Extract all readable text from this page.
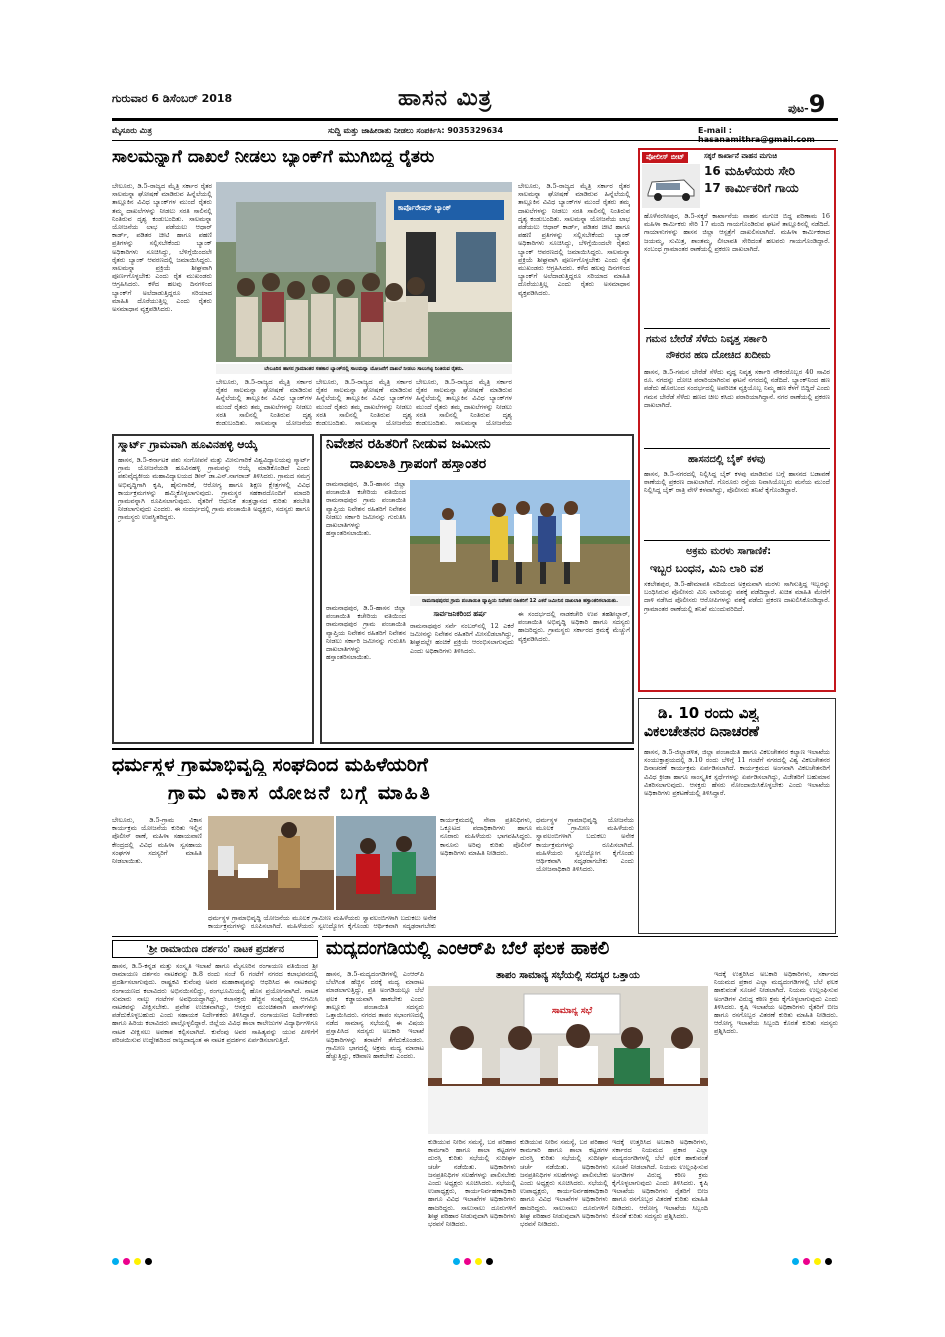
ಗುರುವಾರ 6 ಡಿಸೆಂಬರ್ 2018	ಹಾಸನ ಮಿತ್ರ	ಪುಟ-9
ಮೈಸೂರು ಮಿತ್ರ	ಸುದ್ದಿ ಮತ್ತು ಜಾಹೀರಾತು ನೀಡಲು ಸಂಪರ್ಕಿಸಿ: 9035329634	E-mail :
ಸಾಲಮನ್ನಾಗೆ ದಾಖಲೆ ನೀಡಲು ಬ್ಯಾಂಕ್‌ಗೆ ಮುಗಿಬಿದ್ದ ರೈತರು
ಬೇಲೂರು, ಡಿ.5-ರಾಜ್ಯದ ಮೈತ್ರಿ ಸರ್ಕಾರ ರೈತರ ಸಾಲಮನ್ನಾ ಘೋಷಣೆ ಮಾಡಿರುವ ಹಿನ್ನೆಲೆಯಲ್ಲಿ ತಾಲ್ಲೂಕಿನ ವಿವಿಧ ಬ್ಯಾಂಕ್‌ಗಳ ಮುಂದೆ ರೈತರು ತಮ್ಮ ದಾಖಲೆಗಳನ್ನು ನೀಡಲು ಸರತಿ ಸಾಲಿನಲ್ಲಿ ನಿಂತಿರುವ ದೃಶ್ಯ ಕಂಡುಬಂದಿತು. ಸಾಲಮನ್ನಾ ಯೋಜನೆಯ ಲಾಭ ಪಡೆಯಲು ಆಧಾರ್ ಕಾರ್ಡ್, ಪಡಿತರ ಚೀಟಿ ಹಾಗೂ ಪಹಣಿ ಪ್ರತಿಗಳನ್ನು ಸಲ್ಲಿಸಬೇಕೆಂದು ಬ್ಯಾಂಕ್ ಅಧಿಕಾರಿಗಳು ಸೂಚಿಸಿದ್ದು, ಬೆಳಿಗ್ಗೆಯಿಂದಲೇ ರೈತರು ಬ್ಯಾಂಕ್ ಆವರಣದಲ್ಲಿ ಜಮಾಯಿಸಿದ್ದರು. ಸಾಲಮನ್ನಾ ಪ್ರಕ್ರಿಯೆ ಶೀಘ್ರವಾಗಿ ಪೂರ್ಣಗೊಳ್ಳಬೇಕು ಎಂದು ರೈತ ಮುಖಂಡರು ಆಗ್ರಹಿಸಿದರು. ಕಳೆದ ಹಲವು ದಿನಗಳಿಂದ ಬ್ಯಾಂಕ್‌ಗೆ ಅಲೆದಾಡುತ್ತಿದ್ದರೂ ಸರಿಯಾದ ಮಾಹಿತಿ ದೊರೆಯುತ್ತಿಲ್ಲ ಎಂದು ರೈತರು ಅಸಮಾಧಾನ ವ್ಯಕ್ತಪಡಿಸಿದರು.
ಕಾರ್ಪೊರೇಷನ್ ಬ್ಯಾಂಕ್
ಬೇಲೂರಿನ ಹಾಸನ ಗ್ರಾಮಾಂತರ ಸಹಕಾರ ಬ್ಯಾಂಕ್‌ನಲ್ಲಿ ಸಾಲಮನ್ನಾ ಯೋಜನೆಗೆ ದಾಖಲೆ ನೀಡಲು ಸಾಲುಗಟ್ಟಿ ನಿಂತಿರುವ ರೈತರು.
ಬೇಲೂರು, ಡಿ.5-ರಾಜ್ಯದ ಮೈತ್ರಿ ಸರ್ಕಾರ ರೈತರ ಸಾಲಮನ್ನಾ ಘೋಷಣೆ ಮಾಡಿರುವ ಹಿನ್ನೆಲೆಯಲ್ಲಿ ತಾಲ್ಲೂಕಿನ ವಿವಿಧ ಬ್ಯಾಂಕ್‌ಗಳ ಮುಂದೆ ರೈತರು ತಮ್ಮ ದಾಖಲೆಗಳನ್ನು ನೀಡಲು ಸರತಿ ಸಾಲಿನಲ್ಲಿ ನಿಂತಿರುವ ದೃಶ್ಯ ಕಂಡುಬಂದಿತು. ಸಾಲಮನ್ನಾ ಯೋಜನೆಯ
ಬೇಲೂರು, ಡಿ.5-ರಾಜ್ಯದ ಮೈತ್ರಿ ಸರ್ಕಾರ ರೈತರ ಸಾಲಮನ್ನಾ ಘೋಷಣೆ ಮಾಡಿರುವ ಹಿನ್ನೆಲೆಯಲ್ಲಿ ತಾಲ್ಲೂಕಿನ ವಿವಿಧ ಬ್ಯಾಂಕ್‌ಗಳ ಮುಂದೆ ರೈತರು ತಮ್ಮ ದಾಖಲೆಗಳನ್ನು ನೀಡಲು ಸರತಿ ಸಾಲಿನಲ್ಲಿ ನಿಂತಿರುವ ದೃಶ್ಯ ಕಂಡುಬಂದಿತು. ಸಾಲಮನ್ನಾ ಯೋಜನೆಯ
ಬೇಲೂರು, ಡಿ.5-ರಾಜ್ಯದ ಮೈತ್ರಿ ಸರ್ಕಾರ ರೈತರ ಸಾಲಮನ್ನಾ ಘೋಷಣೆ ಮಾಡಿರುವ ಹಿನ್ನೆಲೆಯಲ್ಲಿ ತಾಲ್ಲೂಕಿನ ವಿವಿಧ ಬ್ಯಾಂಕ್‌ಗಳ ಮುಂದೆ ರೈತರು ತಮ್ಮ ದಾಖಲೆಗಳನ್ನು ನೀಡಲು ಸರತಿ ಸಾಲಿನಲ್ಲಿ ನಿಂತಿರುವ ದೃಶ್ಯ ಕಂಡುಬಂದಿತು. ಸಾಲಮನ್ನಾ ಯೋಜನೆಯ
ಬೇಲೂರು, ಡಿ.5-ರಾಜ್ಯದ ಮೈತ್ರಿ ಸರ್ಕಾರ ರೈತರ ಸಾಲಮನ್ನಾ ಘೋಷಣೆ ಮಾಡಿರುವ ಹಿನ್ನೆಲೆಯಲ್ಲಿ ತಾಲ್ಲೂಕಿನ ವಿವಿಧ ಬ್ಯಾಂಕ್‌ಗಳ ಮುಂದೆ ರೈತರು ತಮ್ಮ ದಾಖಲೆಗಳನ್ನು ನೀಡಲು ಸರತಿ ಸಾಲಿನಲ್ಲಿ ನಿಂತಿರುವ ದೃಶ್ಯ ಕಂಡುಬಂದಿತು. ಸಾಲಮನ್ನಾ ಯೋಜನೆಯ ಲಾಭ ಪಡೆಯಲು ಆಧಾರ್ ಕಾರ್ಡ್, ಪಡಿತರ ಚೀಟಿ ಹಾಗೂ ಪಹಣಿ ಪ್ರತಿಗಳನ್ನು ಸಲ್ಲಿಸಬೇಕೆಂದು ಬ್ಯಾಂಕ್ ಅಧಿಕಾರಿಗಳು ಸೂಚಿಸಿದ್ದು, ಬೆಳಿಗ್ಗೆಯಿಂದಲೇ ರೈತರು ಬ್ಯಾಂಕ್ ಆವರಣದಲ್ಲಿ ಜಮಾಯಿಸಿದ್ದರು. ಸಾಲಮನ್ನಾ ಪ್ರಕ್ರಿಯೆ ಶೀಘ್ರವಾಗಿ ಪೂರ್ಣಗೊಳ್ಳಬೇಕು ಎಂದು ರೈತ ಮುಖಂಡರು ಆಗ್ರಹಿಸಿದರು. ಕಳೆದ ಹಲವು ದಿನಗಳಿಂದ ಬ್ಯಾಂಕ್‌ಗೆ ಅಲೆದಾಡುತ್ತಿದ್ದರೂ ಸರಿಯಾದ ಮಾಹಿತಿ ದೊರೆಯುತ್ತಿಲ್ಲ ಎಂದು ರೈತರು ಅಸಮಾಧಾನ ವ್ಯಕ್ತಪಡಿಸಿದರು.
ಪೋಲೀಸ್ ಬೀಟ್	ಸಕ್ಕರೆ ಕಾರ್ಖಾನೆ ವಾಹನ ಮಗುಚಿ
16 ಮಹಿಳೆಯರು ಸೇರಿ
17 ಕಾರ್ಮಿಕರಿಗೆ ಗಾಯ
ಹೊಳೆನರಸೀಪುರ, ಡಿ.5-ಸಕ್ಕರೆ ಕಾರ್ಖಾನೆಯ ವಾಹನ ಮಗುಚಿ ಬಿದ್ದ ಪರಿಣಾಮ 16 ಮಹಿಳಾ ಕಾರ್ಮಿಕರು ಸೇರಿ 17 ಮಂದಿ ಗಾಯಗೊಂಡಿರುವ ಘಟನೆ ತಾಲ್ಲೂಕಿನಲ್ಲಿ ನಡೆದಿದೆ. ಗಾಯಾಳುಗಳನ್ನು ಹಾಸನ ಜಿಲ್ಲಾ ಆಸ್ಪತ್ರೆಗೆ ದಾಖಲಿಸಲಾಗಿದೆ. ಮಹಿಳಾ ಕಾರ್ಮಿಕರಾದ ಜಯಮ್ಮ, ಸುಮಿತ್ರ, ಶಾಂತಮ್ಮ, ಲೀಲಾವತಿ ಸೇರಿದಂತೆ ಹಲವರು ಗಾಯಗೊಂಡಿದ್ದಾರೆ. ಸಂಬಂಧ ಗ್ರಾಮಾಂತರ ಠಾಣೆಯಲ್ಲಿ ಪ್ರಕರಣ ದಾಖಲಾಗಿದೆ.
ಗಮನ ಬೇರೆಡೆ ಸೆಳೆದು ನಿವೃತ್ತ ಸರ್ಕಾರಿ
ನೌಕರನ ಹಣ ದೋಚಿದ ಖದೀಮ
ಹಾಸನ, ಡಿ.5-ಗಮನ ಬೇರೆಡೆ ಸೆಳೆದು ವೃದ್ಧ ನಿವೃತ್ತ ಸರ್ಕಾರಿ ನೌಕರರೊಬ್ಬರ 40 ಸಾವಿರ ರೂ. ನಗದನ್ನು ದೋಚಿ ಪರಾರಿಯಾಗಿರುವ ಘಟನೆ ನಗರದಲ್ಲಿ ನಡೆದಿದೆ. ಬ್ಯಾಂಕ್‌ನಿಂದ ಹಣ ಪಡೆದು ಹೊರಬಂದ ಸಂದರ್ಭದಲ್ಲಿ ಅಪರಿಚಿತ ವ್ಯಕ್ತಿಯೊಬ್ಬ ನಿಮ್ಮ ಹಣ ಕೆಳಗೆ ಬಿದ್ದಿದೆ ಎಂದು ಗಮನ ಬೇರೆಡೆ ಸೆಳೆದು ಹಣದ ಚೀಲ ಕಸಿದು ಪರಾರಿಯಾಗಿದ್ದಾನೆ. ನಗರ ಠಾಣೆಯಲ್ಲಿ ಪ್ರಕರಣ ದಾಖಲಾಗಿದೆ.
ಹಾಸನದಲ್ಲಿ ಬೈಕ್ ಕಳವು
ಹಾಸನ, ಡಿ.5-ನಗರದಲ್ಲಿ ನಿಲ್ಲಿಸಿದ್ದ ಬೈಕ್ ಕಳವು ಮಾಡಿರುವ ಬಗ್ಗೆ ಹಾಸನದ ಬಡಾವಣೆ ಠಾಣೆಯಲ್ಲಿ ಪ್ರಕರಣ ದಾಖಲಾಗಿದೆ. ಗೊರೂರು ರಸ್ತೆಯ ನಿವಾಸಿಯೊಬ್ಬರು ಮನೆಯ ಮುಂದೆ ನಿಲ್ಲಿಸಿದ್ದ ಬೈಕ್ ರಾತ್ರಿ ವೇಳೆ ಕಳವಾಗಿದ್ದು, ಪೊಲೀಸರು ತನಿಖೆ ಕೈಗೊಂಡಿದ್ದಾರೆ.
ಅಕ್ರಮ ಮರಳು ಸಾಗಾಣಿಕೆ:
ಇಬ್ಬರ ಬಂಧನ, ಮಿನಿ ಲಾರಿ ವಶ
ಸಕಲೇಶಪುರ, ಡಿ.5-ಹೇಮಾವತಿ ನದಿಯಿಂದ ಅಕ್ರಮವಾಗಿ ಮರಳು ಸಾಗಿಸುತ್ತಿದ್ದ ಇಬ್ಬರನ್ನು ಬಂಧಿಸಿರುವ ಪೊಲೀಸರು ಮಿನಿ ಲಾರಿಯನ್ನು ವಶಕ್ಕೆ ಪಡೆದಿದ್ದಾರೆ. ಖಚಿತ ಮಾಹಿತಿ ಮೇರೆಗೆ ದಾಳಿ ನಡೆಸಿದ ಪೊಲೀಸರು ಆರೋಪಿಗಳನ್ನು ವಶಕ್ಕೆ ಪಡೆದು ಪ್ರಕರಣ ದಾಖಲಿಸಿಕೊಂಡಿದ್ದಾರೆ. ಗ್ರಾಮಾಂತರ ಠಾಣೆಯಲ್ಲಿ ತನಿಖೆ ಮುಂದುವರಿದಿದೆ.
ಸ್ಮಾರ್ಟ್ ಗ್ರಾಮವಾಗಿ ಹೂವಿನಹಳ್ಳಿ ಆಯ್ಕೆ
ಹಾಸನ, ಡಿ.5-ಕರ್ನಾಟಕ ಪಶು ಸಂಗೋಪನೆ ಮತ್ತು ಮೀನುಗಾರಿಕೆ ವಿಶ್ವವಿದ್ಯಾಲಯವು ಸ್ಮಾರ್ಟ್ ಗ್ರಾಮ ಯೋಜನೆಯಡಿ ಹೂವಿನಹಳ್ಳಿ ಗ್ರಾಮವನ್ನು ಆಯ್ಕೆ ಮಾಡಿಕೊಂಡಿದೆ ಎಂದು ಪಶುವೈದ್ಯಕೀಯ ಮಹಾವಿದ್ಯಾಲಯದ ಡೀನ್ ಡಾ.ಎನ್.ನಾಗರಾಜ್ ತಿಳಿಸಿದರು. ಗ್ರಾಮದ ಸಮಗ್ರ ಅಭಿವೃದ್ಧಿಗಾಗಿ ಕೃಷಿ, ಹೈನುಗಾರಿಕೆ, ಆರೋಗ್ಯ ಹಾಗೂ ಶಿಕ್ಷಣ ಕ್ಷೇತ್ರಗಳಲ್ಲಿ ವಿವಿಧ ಕಾರ್ಯಕ್ರಮಗಳನ್ನು ಹಮ್ಮಿಕೊಳ್ಳಲಾಗುವುದು. ಗ್ರಾಮಸ್ಥರ ಸಹಕಾರದೊಂದಿಗೆ ಮಾದರಿ ಗ್ರಾಮವನ್ನಾಗಿ ರೂಪಿಸಲಾಗುವುದು. ರೈತರಿಗೆ ಆಧುನಿಕ ತಂತ್ರಜ್ಞಾನದ ಕುರಿತು ತರಬೇತಿ ನೀಡಲಾಗುವುದು ಎಂದರು. ಈ ಸಂದರ್ಭದಲ್ಲಿ ಗ್ರಾಮ ಪಂಚಾಯಿತಿ ಅಧ್ಯಕ್ಷರು, ಸದಸ್ಯರು ಹಾಗೂ ಗ್ರಾಮಸ್ಥರು ಉಪಸ್ಥಿತರಿದ್ದರು.
ನಿವೇಶನ ರಹಿತರಿಗೆ ನೀಡುವ ಜಮೀನು
ದಾಖಲಾತಿ ಗ್ರಾಪಂಗೆ ಹಸ್ತಾಂತರ
ರಾಮನಾಥಪುರ, ಡಿ.5-ಹಾಸನ ಜಿಲ್ಲಾ ಪಂಚಾಯಿತಿ ಕಚೇರಿಯ ವತಿಯಿಂದ ರಾಮನಾಥಪುರ ಗ್ರಾಮ ಪಂಚಾಯಿತಿ ವ್ಯಾಪ್ತಿಯ ನಿವೇಶನ ರಹಿತರಿಗೆ ನಿವೇಶನ ನೀಡಲು ಸರ್ಕಾರಿ ಜಮೀನನ್ನು ಗುರುತಿಸಿ ದಾಖಲಾತಿಗಳನ್ನು ಹಸ್ತಾಂತರಿಸಲಾಯಿತು.
ರಾಮನಾಥಪುರದ ಗ್ರಾಮ ಪಂಚಾಯಿತಿ ವ್ಯಾಪ್ತಿಯ ನಿವೇಶನ ರಹಿತರಿಗೆ 12 ಎಕರೆ ಜಮೀನಿನ ದಾಖಲಾತಿ ಹಸ್ತಾಂತರಿಸಲಾಯಿತು.
ರಾಮನಾಥಪುರ, ಡಿ.5-ಹಾಸನ ಜಿಲ್ಲಾ ಪಂಚಾಯಿತಿ ಕಚೇರಿಯ ವತಿಯಿಂದ ರಾಮನಾಥಪುರ ಗ್ರಾಮ ಪಂಚಾಯಿತಿ ವ್ಯಾಪ್ತಿಯ ನಿವೇಶನ ರಹಿತರಿಗೆ ನಿವೇಶನ ನೀಡಲು ಸರ್ಕಾರಿ ಜಮೀನನ್ನು ಗುರುತಿಸಿ ದಾಖಲಾತಿಗಳನ್ನು ಹಸ್ತಾಂತರಿಸಲಾಯಿತು.
ಸಾರ್ವಜನಿಕರಿಂದ ಹರ್ಷ
ರಾಮನಾಥಪುರ ಸರ್ವೆ ನಂಬರ್‌ನಲ್ಲಿ 12 ಎಕರೆ ಜಮೀನನ್ನು ನಿವೇಶನ ರಹಿತರಿಗೆ ಮೀಸಲಿಡಲಾಗಿದ್ದು, ಶೀಘ್ರದಲ್ಲೇ ಹಂಚಿಕೆ ಪ್ರಕ್ರಿಯೆ ಆರಂಭಿಸಲಾಗುವುದು ಎಂದು ಅಧಿಕಾರಿಗಳು ತಿಳಿಸಿದರು.
ಈ ಸಂದರ್ಭದಲ್ಲಿ ನಾಡಕಚೇರಿ ಉಪ ತಹಶೀಲ್ದಾರ್, ಪಂಚಾಯಿತಿ ಅಭಿವೃದ್ಧಿ ಅಧಿಕಾರಿ ಹಾಗೂ ಸದಸ್ಯರು ಹಾಜರಿದ್ದರು. ಗ್ರಾಮಸ್ಥರು ಸರ್ಕಾರದ ಕ್ರಮಕ್ಕೆ ಮೆಚ್ಚುಗೆ ವ್ಯಕ್ತಪಡಿಸಿದರು.
ಧರ್ಮಸ್ಥಳ ಗ್ರಾಮಾಭಿವೃದ್ಧಿ ಸಂಘದಿಂದ ಮಹಿಳೆಯರಿಗೆ
ಗ್ರಾಮ ವಿಕಾಸ ಯೋಜನೆ ಬಗ್ಗೆ ಮಾಹಿತಿ
ಬೇಲೂರು, ಡಿ.5-ಗ್ರಾಮ ವಿಕಾಸ ಕಾರ್ಯಕ್ರಮ ಯೋಜನೆಯ ಕುರಿತು ಇಲ್ಲಿನ ಪೊಲೀಸ್ ಠಾಣೆ, ಮಹಿಳಾ ಸಹಾಯವಾಣಿ ಕೇಂದ್ರದಲ್ಲಿ ವಿವಿಧ ಮಹಿಳಾ ಸ್ವಸಹಾಯ ಸಂಘಗಳ ಸದಸ್ಯರಿಗೆ ಮಾಹಿತಿ ನೀಡಲಾಯಿತು.
ಧರ್ಮಸ್ಥಳ ಗ್ರಾಮಾಭಿವೃದ್ಧಿ ಯೋಜನೆಯ ಮೂಲಕ ಗ್ರಾಮೀಣ ಮಹಿಳೆಯರು ಸ್ವಾವಲಂಬಿಗಳಾಗಿ ಬದುಕಲು ಅನೇಕ ಕಾರ್ಯಕ್ರಮಗಳನ್ನು ರೂಪಿಸಲಾಗಿದೆ. ಮಹಿಳೆಯರು ಸ್ವಉದ್ಯೋಗ ಕೈಗೊಂಡು ಆರ್ಥಿಕವಾಗಿ ಸದೃಢರಾಗಬೇಕು
ಕಾರ್ಯಕ್ರಮದಲ್ಲಿ ಸೇವಾ ಪ್ರತಿನಿಧಿಗಳು, ಒಕ್ಕೂಟದ ಪದಾಧಿಕಾರಿಗಳು ಹಾಗೂ ನೂರಾರು ಮಹಿಳೆಯರು ಭಾಗವಹಿಸಿದ್ದರು. ಕಾನೂನು ಅರಿವು ಕುರಿತು ಪೊಲೀಸ್ ಅಧಿಕಾರಿಗಳು ಮಾಹಿತಿ ನೀಡಿದರು.
ಧರ್ಮಸ್ಥಳ ಗ್ರಾಮಾಭಿವೃದ್ಧಿ ಯೋಜನೆಯ ಮೂಲಕ ಗ್ರಾಮೀಣ ಮಹಿಳೆಯರು ಸ್ವಾವಲಂಬಿಗಳಾಗಿ ಬದುಕಲು ಅನೇಕ ಕಾರ್ಯಕ್ರಮಗಳನ್ನು ರೂಪಿಸಲಾಗಿದೆ. ಮಹಿಳೆಯರು ಸ್ವಉದ್ಯೋಗ ಕೈಗೊಂಡು ಆರ್ಥಿಕವಾಗಿ ಸದೃಢರಾಗಬೇಕು ಎಂದು ಯೋಜನಾಧಿಕಾರಿ ತಿಳಿಸಿದರು.
ಡಿ. 10 ರಂದು ವಿಶ್ವ
ವಿಕಲಚೇತನರ ದಿನಾಚರಣೆ
ಹಾಸನ, ಡಿ.5-ಜಿಲ್ಲಾಡಳಿತ, ಜಿಲ್ಲಾ ಪಂಚಾಯಿತಿ ಹಾಗೂ ವಿಕಲಚೇತನರ ಕಲ್ಯಾಣ ಇಲಾಖೆಯ ಸಂಯುಕ್ತಾಶ್ರಯದಲ್ಲಿ ಡಿ.10 ರಂದು ಬೆಳಿಗ್ಗೆ 11 ಗಂಟೆಗೆ ನಗರದಲ್ಲಿ ವಿಶ್ವ ವಿಕಲಚೇತನರ ದಿನಾಚರಣೆ ಕಾರ್ಯಕ್ರಮ ಏರ್ಪಡಿಸಲಾಗಿದೆ. ಕಾರ್ಯಕ್ರಮದ ಅಂಗವಾಗಿ ವಿಕಲಚೇತನರಿಗೆ ವಿವಿಧ ಕ್ರೀಡಾ ಹಾಗೂ ಸಾಂಸ್ಕೃತಿಕ ಸ್ಪರ್ಧೆಗಳನ್ನು ಏರ್ಪಡಿಸಲಾಗಿದ್ದು, ವಿಜೇತರಿಗೆ ಬಹುಮಾನ ವಿತರಿಸಲಾಗುವುದು. ಆಸಕ್ತರು ಹೆಸರು ನೋಂದಾಯಿಸಿಕೊಳ್ಳಬೇಕು ಎಂದು ಇಲಾಖೆಯ ಅಧಿಕಾರಿಗಳು ಪ್ರಕಟಣೆಯಲ್ಲಿ ತಿಳಿಸಿದ್ದಾರೆ.
'ಶ್ರೀ ರಾಮಾಯಣ ದರ್ಶನಂ' ನಾಟಕ ಪ್ರದರ್ಶನ
ಹಾಸನ, ಡಿ.5-ಕನ್ನಡ ಮತ್ತು ಸಂಸ್ಕೃತಿ ಇಲಾಖೆ ಹಾಗೂ ಮೈಸೂರಿನ ರಂಗಾಯಣ ವತಿಯಿಂದ ಶ್ರೀ ರಾಮಾಯಣ ದರ್ಶನಂ ನಾಟಕವನ್ನು ಡಿ.8 ರಂದು ಸಂಜೆ 6 ಗಂಟೆಗೆ ನಗರದ ಕಲಾಭವನದಲ್ಲಿ ಪ್ರದರ್ಶಿಸಲಾಗುವುದು. ರಾಷ್ಟ್ರಕವಿ ಕುವೆಂಪು ಅವರ ಮಹಾಕಾವ್ಯವನ್ನು ಆಧರಿಸಿದ ಈ ನಾಟಕವನ್ನು ರಂಗಾಯಣದ ಕಲಾವಿದರು ಅಭಿನಯಿಸಲಿದ್ದು, ರಂಗಭೂಮಿಯಲ್ಲಿ ಹೊಸ ಪ್ರಯೋಗವಾಗಿದೆ. ನಾಟಕ ಸುಮಾರು ನಾಲ್ಕು ಗಂಟೆಗಳ ಅವಧಿಯದ್ದಾಗಿದ್ದು, ಕಲಾಸಕ್ತರು ಹೆಚ್ಚಿನ ಸಂಖ್ಯೆಯಲ್ಲಿ ಆಗಮಿಸಿ ನಾಟಕವನ್ನು ವೀಕ್ಷಿಸಬೇಕು. ಪ್ರವೇಶ ಉಚಿತವಾಗಿದ್ದು, ಆಸಕ್ತರು ಮುಂಚಿತವಾಗಿ ಪಾಸ್‌ಗಳನ್ನು ಪಡೆದುಕೊಳ್ಳಬಹುದು ಎಂದು ಸಹಾಯಕ ನಿರ್ದೇಶಕರು ತಿಳಿಸಿದ್ದಾರೆ. ರಂಗಾಯಣದ ನಿರ್ದೇಶಕರು ಹಾಗೂ ಹಿರಿಯ ಕಲಾವಿದರು ಪಾಲ್ಗೊಳ್ಳಲಿದ್ದಾರೆ. ಜಿಲ್ಲೆಯ ವಿವಿಧ ಶಾಲಾ ಕಾಲೇಜುಗಳ ವಿದ್ಯಾರ್ಥಿಗಳಿಗೂ ನಾಟಕ ವೀಕ್ಷಿಸಲು ಅವಕಾಶ ಕಲ್ಪಿಸಲಾಗಿದೆ. ಕುವೆಂಪು ಅವರ ಸಾಹಿತ್ಯವನ್ನು ಯುವ ಪೀಳಿಗೆಗೆ ಪರಿಚಯಿಸುವ ಉದ್ದೇಶದಿಂದ ರಾಜ್ಯದಾದ್ಯಂತ ಈ ನಾಟಕ ಪ್ರದರ್ಶನ ಏರ್ಪಡಿಸಲಾಗುತ್ತಿದೆ.
ಮದ್ಯದಂಗಡಿಯಲ್ಲಿ ಎಂಆರ್‌ಪಿ ಬೆಲೆ ಫಲಕ ಹಾಕಲಿ
ತಾಪಂ ಸಾಮಾನ್ಯ ಸಭೆಯಲ್ಲಿ ಸದಸ್ಯರ ಒತ್ತಾಯ
ಸಾಮಾನ್ಯ ಸಭೆ
ಹಾಸನ, ಡಿ.5-ಮದ್ಯದಂಗಡಿಗಳಲ್ಲಿ ಎಂಆರ್‌ಪಿ ಬೆಲೆಗಿಂತ ಹೆಚ್ಚಿನ ದರಕ್ಕೆ ಮದ್ಯ ಮಾರಾಟ ಮಾಡಲಾಗುತ್ತಿದ್ದು, ಪ್ರತಿ ಅಂಗಡಿಯಲ್ಲೂ ಬೆಲೆ ಫಲಕ ಕಡ್ಡಾಯವಾಗಿ ಹಾಕಬೇಕು ಎಂದು ತಾಲ್ಲೂಕು ಪಂಚಾಯಿತಿ ಸದಸ್ಯರು ಒತ್ತಾಯಿಸಿದರು. ನಗರದ ತಾಪಂ ಸಭಾಂಗಣದಲ್ಲಿ ನಡೆದ ಸಾಮಾನ್ಯ ಸಭೆಯಲ್ಲಿ ಈ ವಿಷಯ ಪ್ರಸ್ತಾಪಿಸಿದ ಸದಸ್ಯರು ಅಬಕಾರಿ ಇಲಾಖೆ ಅಧಿಕಾರಿಗಳನ್ನು ತರಾಟೆಗೆ ತೆಗೆದುಕೊಂಡರು. ಗ್ರಾಮೀಣ ಭಾಗದಲ್ಲಿ ಅಕ್ರಮ ಮದ್ಯ ಮಾರಾಟ ಹೆಚ್ಚುತ್ತಿದ್ದು, ಕಡಿವಾಣ ಹಾಕಬೇಕು ಎಂದರು.
ಕುಡಿಯುವ ನೀರಿನ ಸಮಸ್ಯೆ, ಬರ ಪರಿಹಾರ ಕಾಮಗಾರಿ ಹಾಗೂ ಶಾಲಾ ಕಟ್ಟಡಗಳ ದುರಸ್ತಿ ಕುರಿತು ಸಭೆಯಲ್ಲಿ ಸುದೀರ್ಘ ಚರ್ಚೆ ನಡೆಯಿತು. ಅಧಿಕಾರಿಗಳು ಜನಪ್ರತಿನಿಧಿಗಳ ಸಲಹೆಗಳನ್ನು ಪಾಲಿಸಬೇಕು ಎಂದು ಅಧ್ಯಕ್ಷರು ಸೂಚಿಸಿದರು. ಸಭೆಯಲ್ಲಿ ಉಪಾಧ್ಯಕ್ಷರು, ಕಾರ್ಯನಿರ್ವಹಣಾಧಿಕಾರಿ ಹಾಗೂ ವಿವಿಧ ಇಲಾಖೆಗಳ ಅಧಿಕಾರಿಗಳು ಹಾಜರಿದ್ದರು. ಸಾಲುಸಾಲು ದೂರುಗಳಿಗೆ ಶೀಘ್ರ ಪರಿಹಾರ ನೀಡುವುದಾಗಿ ಅಧಿಕಾರಿಗಳು ಭರವಸೆ ನೀಡಿದರು.
ಕುಡಿಯುವ ನೀರಿನ ಸಮಸ್ಯೆ, ಬರ ಪರಿಹಾರ ಕಾಮಗಾರಿ ಹಾಗೂ ಶಾಲಾ ಕಟ್ಟಡಗಳ ದುರಸ್ತಿ ಕುರಿತು ಸಭೆಯಲ್ಲಿ ಸುದೀರ್ಘ ಚರ್ಚೆ ನಡೆಯಿತು. ಅಧಿಕಾರಿಗಳು ಜನಪ್ರತಿನಿಧಿಗಳ ಸಲಹೆಗಳನ್ನು ಪಾಲಿಸಬೇಕು ಎಂದು ಅಧ್ಯಕ್ಷರು ಸೂಚಿಸಿದರು. ಸಭೆಯಲ್ಲಿ ಉಪಾಧ್ಯಕ್ಷರು, ಕಾರ್ಯನಿರ್ವಹಣಾಧಿಕಾರಿ ಹಾಗೂ ವಿವಿಧ ಇಲಾಖೆಗಳ ಅಧಿಕಾರಿಗಳು ಹಾಜರಿದ್ದರು. ಸಾಲುಸಾಲು ದೂರುಗಳಿಗೆ ಶೀಘ್ರ ಪರಿಹಾರ ನೀಡುವುದಾಗಿ ಅಧಿಕಾರಿಗಳು ಭರವಸೆ ನೀಡಿದರು.
ಇದಕ್ಕೆ ಉತ್ತರಿಸಿದ ಅಬಕಾರಿ ಅಧಿಕಾರಿಗಳು, ಸರ್ಕಾರದ ನಿಯಮದ ಪ್ರಕಾರ ಎಲ್ಲಾ ಮದ್ಯದಂಗಡಿಗಳಲ್ಲಿ ಬೆಲೆ ಫಲಕ ಹಾಕುವಂತೆ ಸೂಚನೆ ನೀಡಲಾಗಿದೆ. ನಿಯಮ ಉಲ್ಲಂಘಿಸುವ ಅಂಗಡಿಗಳ ವಿರುದ್ಧ ಕಠಿಣ ಕ್ರಮ ಕೈಗೊಳ್ಳಲಾಗುವುದು ಎಂದು ತಿಳಿಸಿದರು. ಕೃಷಿ ಇಲಾಖೆಯ ಅಧಿಕಾರಿಗಳು ರೈತರಿಗೆ ಬೀಜ ಹಾಗೂ ರಸಗೊಬ್ಬರ ವಿತರಣೆ ಕುರಿತು ಮಾಹಿತಿ ನೀಡಿದರು. ಆರೋಗ್ಯ ಇಲಾಖೆಯ ಸಿಬ್ಬಂದಿ ಕೊರತೆ ಕುರಿತು ಸದಸ್ಯರು ಪ್ರಶ್ನಿಸಿದರು.
ಇದಕ್ಕೆ ಉತ್ತರಿಸಿದ ಅಬಕಾರಿ ಅಧಿಕಾರಿಗಳು, ಸರ್ಕಾರದ ನಿಯಮದ ಪ್ರಕಾರ ಎಲ್ಲಾ ಮದ್ಯದಂಗಡಿಗಳಲ್ಲಿ ಬೆಲೆ ಫಲಕ ಹಾಕುವಂತೆ ಸೂಚನೆ ನೀಡಲಾಗಿದೆ. ನಿಯಮ ಉಲ್ಲಂಘಿಸುವ ಅಂಗಡಿಗಳ ವಿರುದ್ಧ ಕಠಿಣ ಕ್ರಮ ಕೈಗೊಳ್ಳಲಾಗುವುದು ಎಂದು ತಿಳಿಸಿದರು. ಕೃಷಿ ಇಲಾಖೆಯ ಅಧಿಕಾರಿಗಳು ರೈತರಿಗೆ ಬೀಜ ಹಾಗೂ ರಸಗೊಬ್ಬರ ವಿತರಣೆ ಕುರಿತು ಮಾಹಿತಿ ನೀಡಿದರು. ಆರೋಗ್ಯ ಇಲಾಖೆಯ ಸಿಬ್ಬಂದಿ ಕೊರತೆ ಕುರಿತು ಸದಸ್ಯರು ಪ್ರಶ್ನಿಸಿದರು.
